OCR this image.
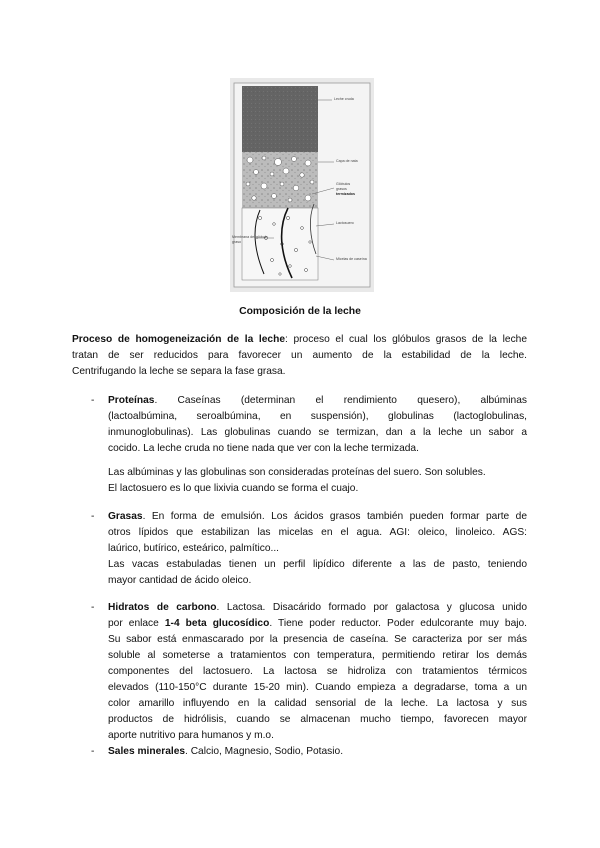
Leche cruda
Capa de nata
Glóbulos
grasos
termizados
Lactosuero
Membrana del glóbulo graso
Micelas de caseína
Composición de la leche
Proceso de homogeneización de la leche: proceso el cual los glóbulos grasos de la leche
tratan de ser reducidos para favorecer un aumento de la estabilidad de la leche.
Centrifugando la leche se separa la fase grasa.
- Proteínas. Caseínas (determinan el rendimiento quesero), albúminas
(lactoalbúmina, seroalbúmina, en suspensión), globulinas (lactoglobulinas,
inmunoglobulinas). Las globulinas cuando se termizan, dan a la leche un sabor a
cocido. La leche cruda no tiene nada que ver con la leche termizada.
Las albúminas y las globulinas son consideradas proteínas del suero. Son solubles.
El lactosuero es lo que lixivia cuando se forma el cuajo.
- Grasas. En forma de emulsión. Los ácidos grasos también pueden formar parte de
otros lípidos que estabilizan las micelas en el agua. AGI: oleico, linoleico. AGS:
laúrico, butírico, esteárico, palmítico...
Las vacas estabuladas tienen un perfil lipídico diferente a las de pasto, teniendo
mayor cantidad de ácido oleico.
- Hidratos de carbono. Lactosa. Disacárido formado por galactosa y glucosa unido
por enlace 1-4 beta glucosídico. Tiene poder reductor. Poder edulcorante muy bajo.
Su sabor está enmascarado por la presencia de caseína. Se caracteriza por ser más
soluble al someterse a tratamientos con temperatura, permitiendo retirar los demás
componentes del lactosuero. La lactosa se hidroliza con tratamientos térmicos
elevados (110-150°C durante 15-20 min). Cuando empieza a degradarse, toma a un
color amarillo influyendo en la calidad sensorial de la leche. La lactosa y sus
productos de hidrólisis, cuando se almacenan mucho tiempo, favorecen mayor
aporte nutritivo para humanos y m.o.
- Sales minerales. Calcio, Magnesio, Sodio, Potasio.
